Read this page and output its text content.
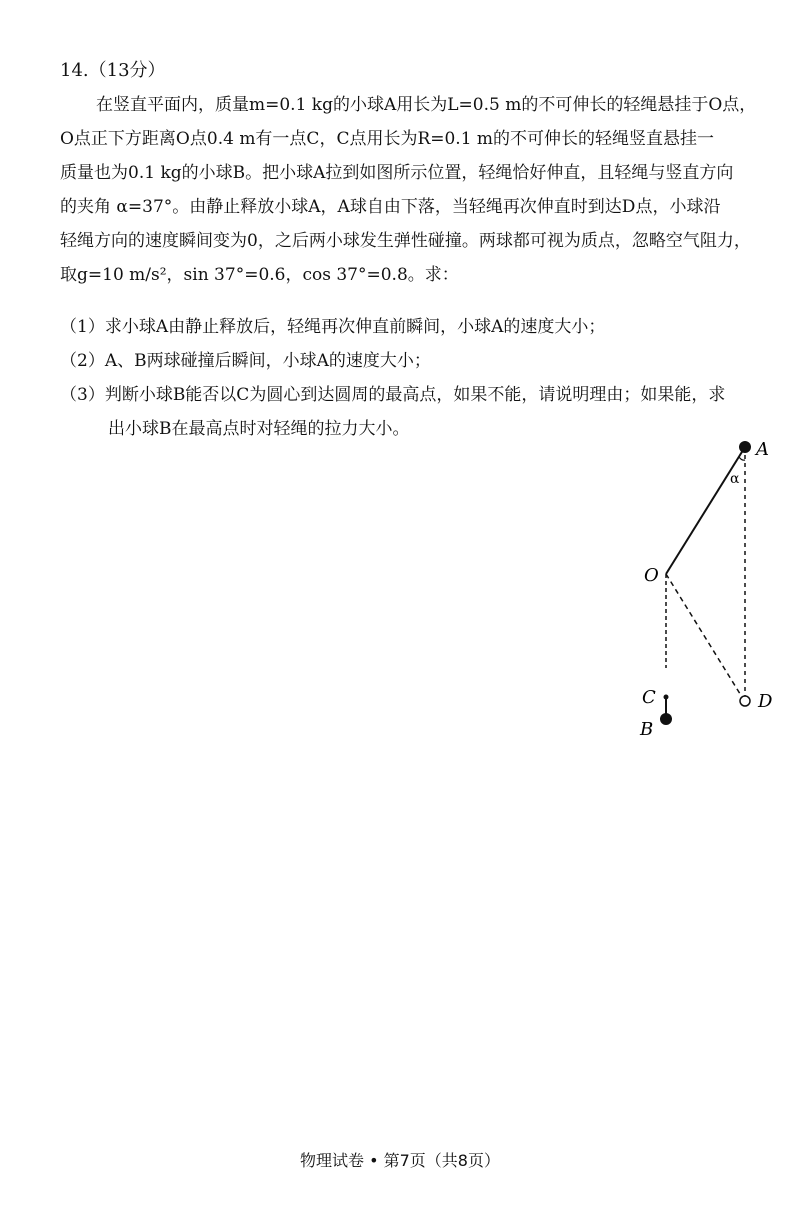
14.（13分）
在竖直平面内，质量m=0.1 kg的小球A用长为L=0.5 m的不可伸长的轻绳悬挂于O点，
O点正下方距离O点0.4 m有一点C，C点用长为R=0.1 m的不可伸长的轻绳竖直悬挂一
质量也为0.1 kg的小球B。把小球A拉到如图所示位置，轻绳恰好伸直，且轻绳与竖直方向
的夹角 α=37°。由静止释放小球A，A球自由下落，当轻绳再次伸直时到达D点，小球沿
轻绳方向的速度瞬间变为0，之后两小球发生弹性碰撞。两球都可视为质点，忽略空气阻力，
取g=10 m/s²，sin 37°=0.6，cos 37°=0.8。求：
（1）求小球A由静止释放后，轻绳再次伸直前瞬间，小球A的速度大小；
（2）A、B两球碰撞后瞬间，小球A的速度大小；
（3）判断小球B能否以C为圆心到达圆周的最高点，如果不能，请说明理由；如果能，求
出小球B在最高点时对轻绳的拉力大小。
A
α
O
C
B
D
物理试卷 • 第7页（共8页）
